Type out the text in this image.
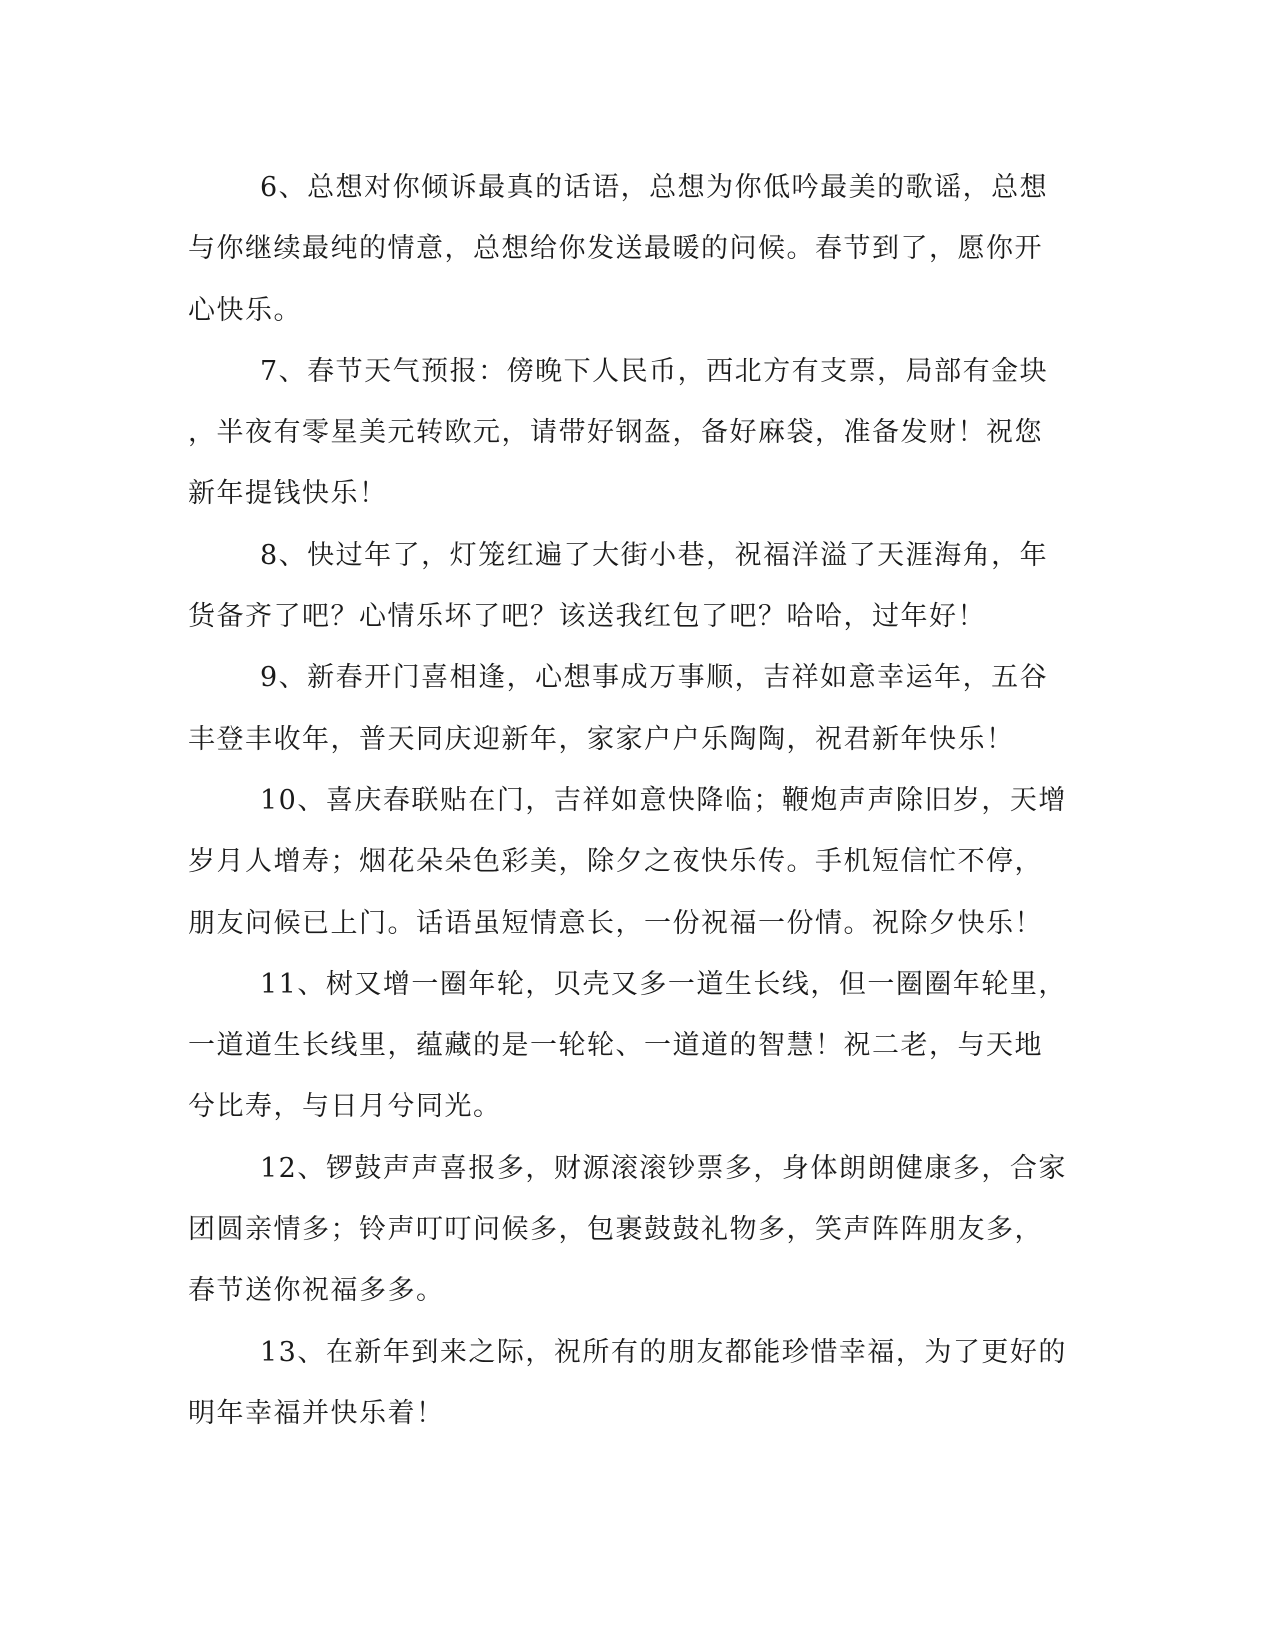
6、总想对你倾诉最真的话语，总想为你低吟最美的歌谣，总想
与你继续最纯的情意，总想给你发送最暖的问候。春节到了，愿你开
心快乐。
7、春节天气预报：傍晚下人民币，西北方有支票，局部有金块
，半夜有零星美元转欧元，请带好钢盔，备好麻袋，准备发财！祝您
新年提钱快乐！
8、快过年了，灯笼红遍了大街小巷，祝福洋溢了天涯海角，年
货备齐了吧？心情乐坏了吧？该送我红包了吧？哈哈，过年好！
9、新春开门喜相逢，心想事成万事顺，吉祥如意幸运年，五谷
丰登丰收年，普天同庆迎新年，家家户户乐陶陶，祝君新年快乐！
10、喜庆春联贴在门，吉祥如意快降临；鞭炮声声除旧岁，天增
岁月人增寿；烟花朵朵色彩美，除夕之夜快乐传。手机短信忙不停，
朋友问候已上门。话语虽短情意长，一份祝福一份情。祝除夕快乐！
11、树又增一圈年轮，贝壳又多一道生长线，但一圈圈年轮里，
一道道生长线里，蕴藏的是一轮轮、一道道的智慧！祝二老，与天地
兮比寿，与日月兮同光。
12、锣鼓声声喜报多，财源滚滚钞票多，身体朗朗健康多，合家
团圆亲情多；铃声叮叮问候多，包裹鼓鼓礼物多，笑声阵阵朋友多，
春节送你祝福多多。
13、在新年到来之际，祝所有的朋友都能珍惜幸福，为了更好的
明年幸福并快乐着！
